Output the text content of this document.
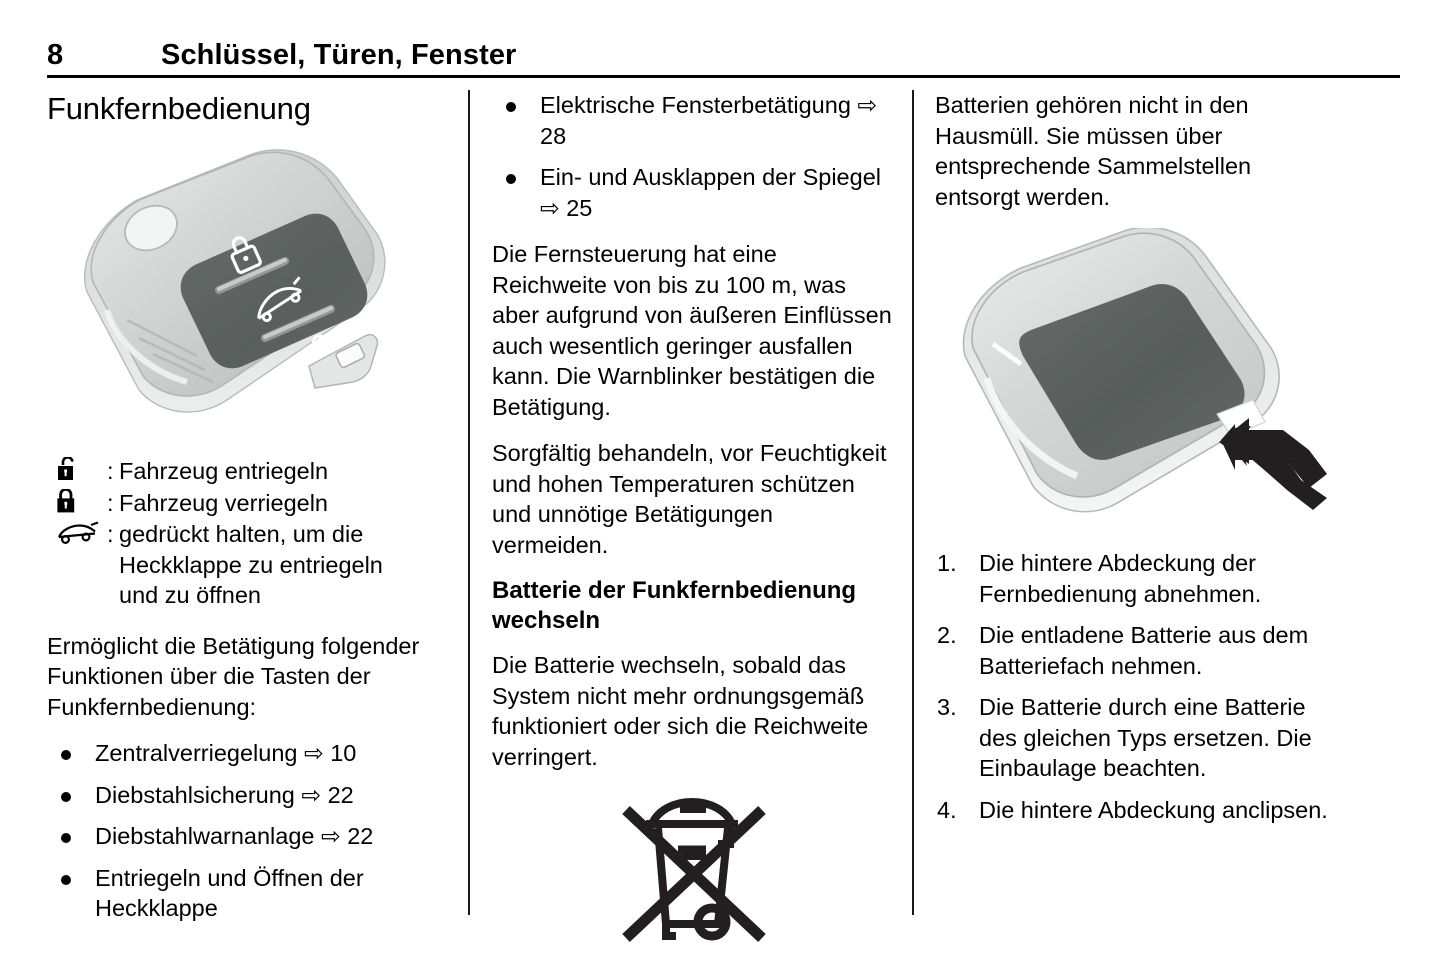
8	Schlüssel, Türen, Fenster
Funkfernbedienung
: Fahrzeug entriegeln
: Fahrzeug verriegeln
: gedrückt halten, um die
Heckklappe zu entriegeln
und zu öffnen

Ermöglicht die Betätigung folgender Funktionen über die Tasten der Funkfernbedienung:

Zentralverriegelung ⇨ 10
Diebstahlsicherung ⇨ 22
Diebstahlwarnanlage ⇨ 22
Entriegeln und Öffnen der Heckklappe
Elektrische Fensterbetätigung ⇨ 28
Ein- und Ausklappen der Spiegel ⇨ 25

Die Fernsteuerung hat eine Reichweite von bis zu 100 m, was aber aufgrund von äußeren Einflüssen auch wesentlich geringer ausfallen kann. Die Warnblinker bestätigen die Betätigung.

Sorgfältig behandeln, vor Feuchtigkeit und hohen Temperaturen schützen und unnötige Betätigungen vermeiden.

Batterie der Funkfernbedienung wechseln

Die Batterie wechseln, sobald das System nicht mehr ordnungsgemäß funktioniert oder sich die Reichweite verringert.

Batterien gehören nicht in den Hausmüll. Sie müssen über entsprechende Sammelstellen entsorgt werden.

1. Die hintere Abdeckung der Fernbedienung abnehmen.
2. Die entladene Batterie aus dem Batteriefach nehmen.
3. Die Batterie durch eine Batterie des gleichen Typs ersetzen. Die Einbaulage beachten.
4. Die hintere Abdeckung anclipsen.
